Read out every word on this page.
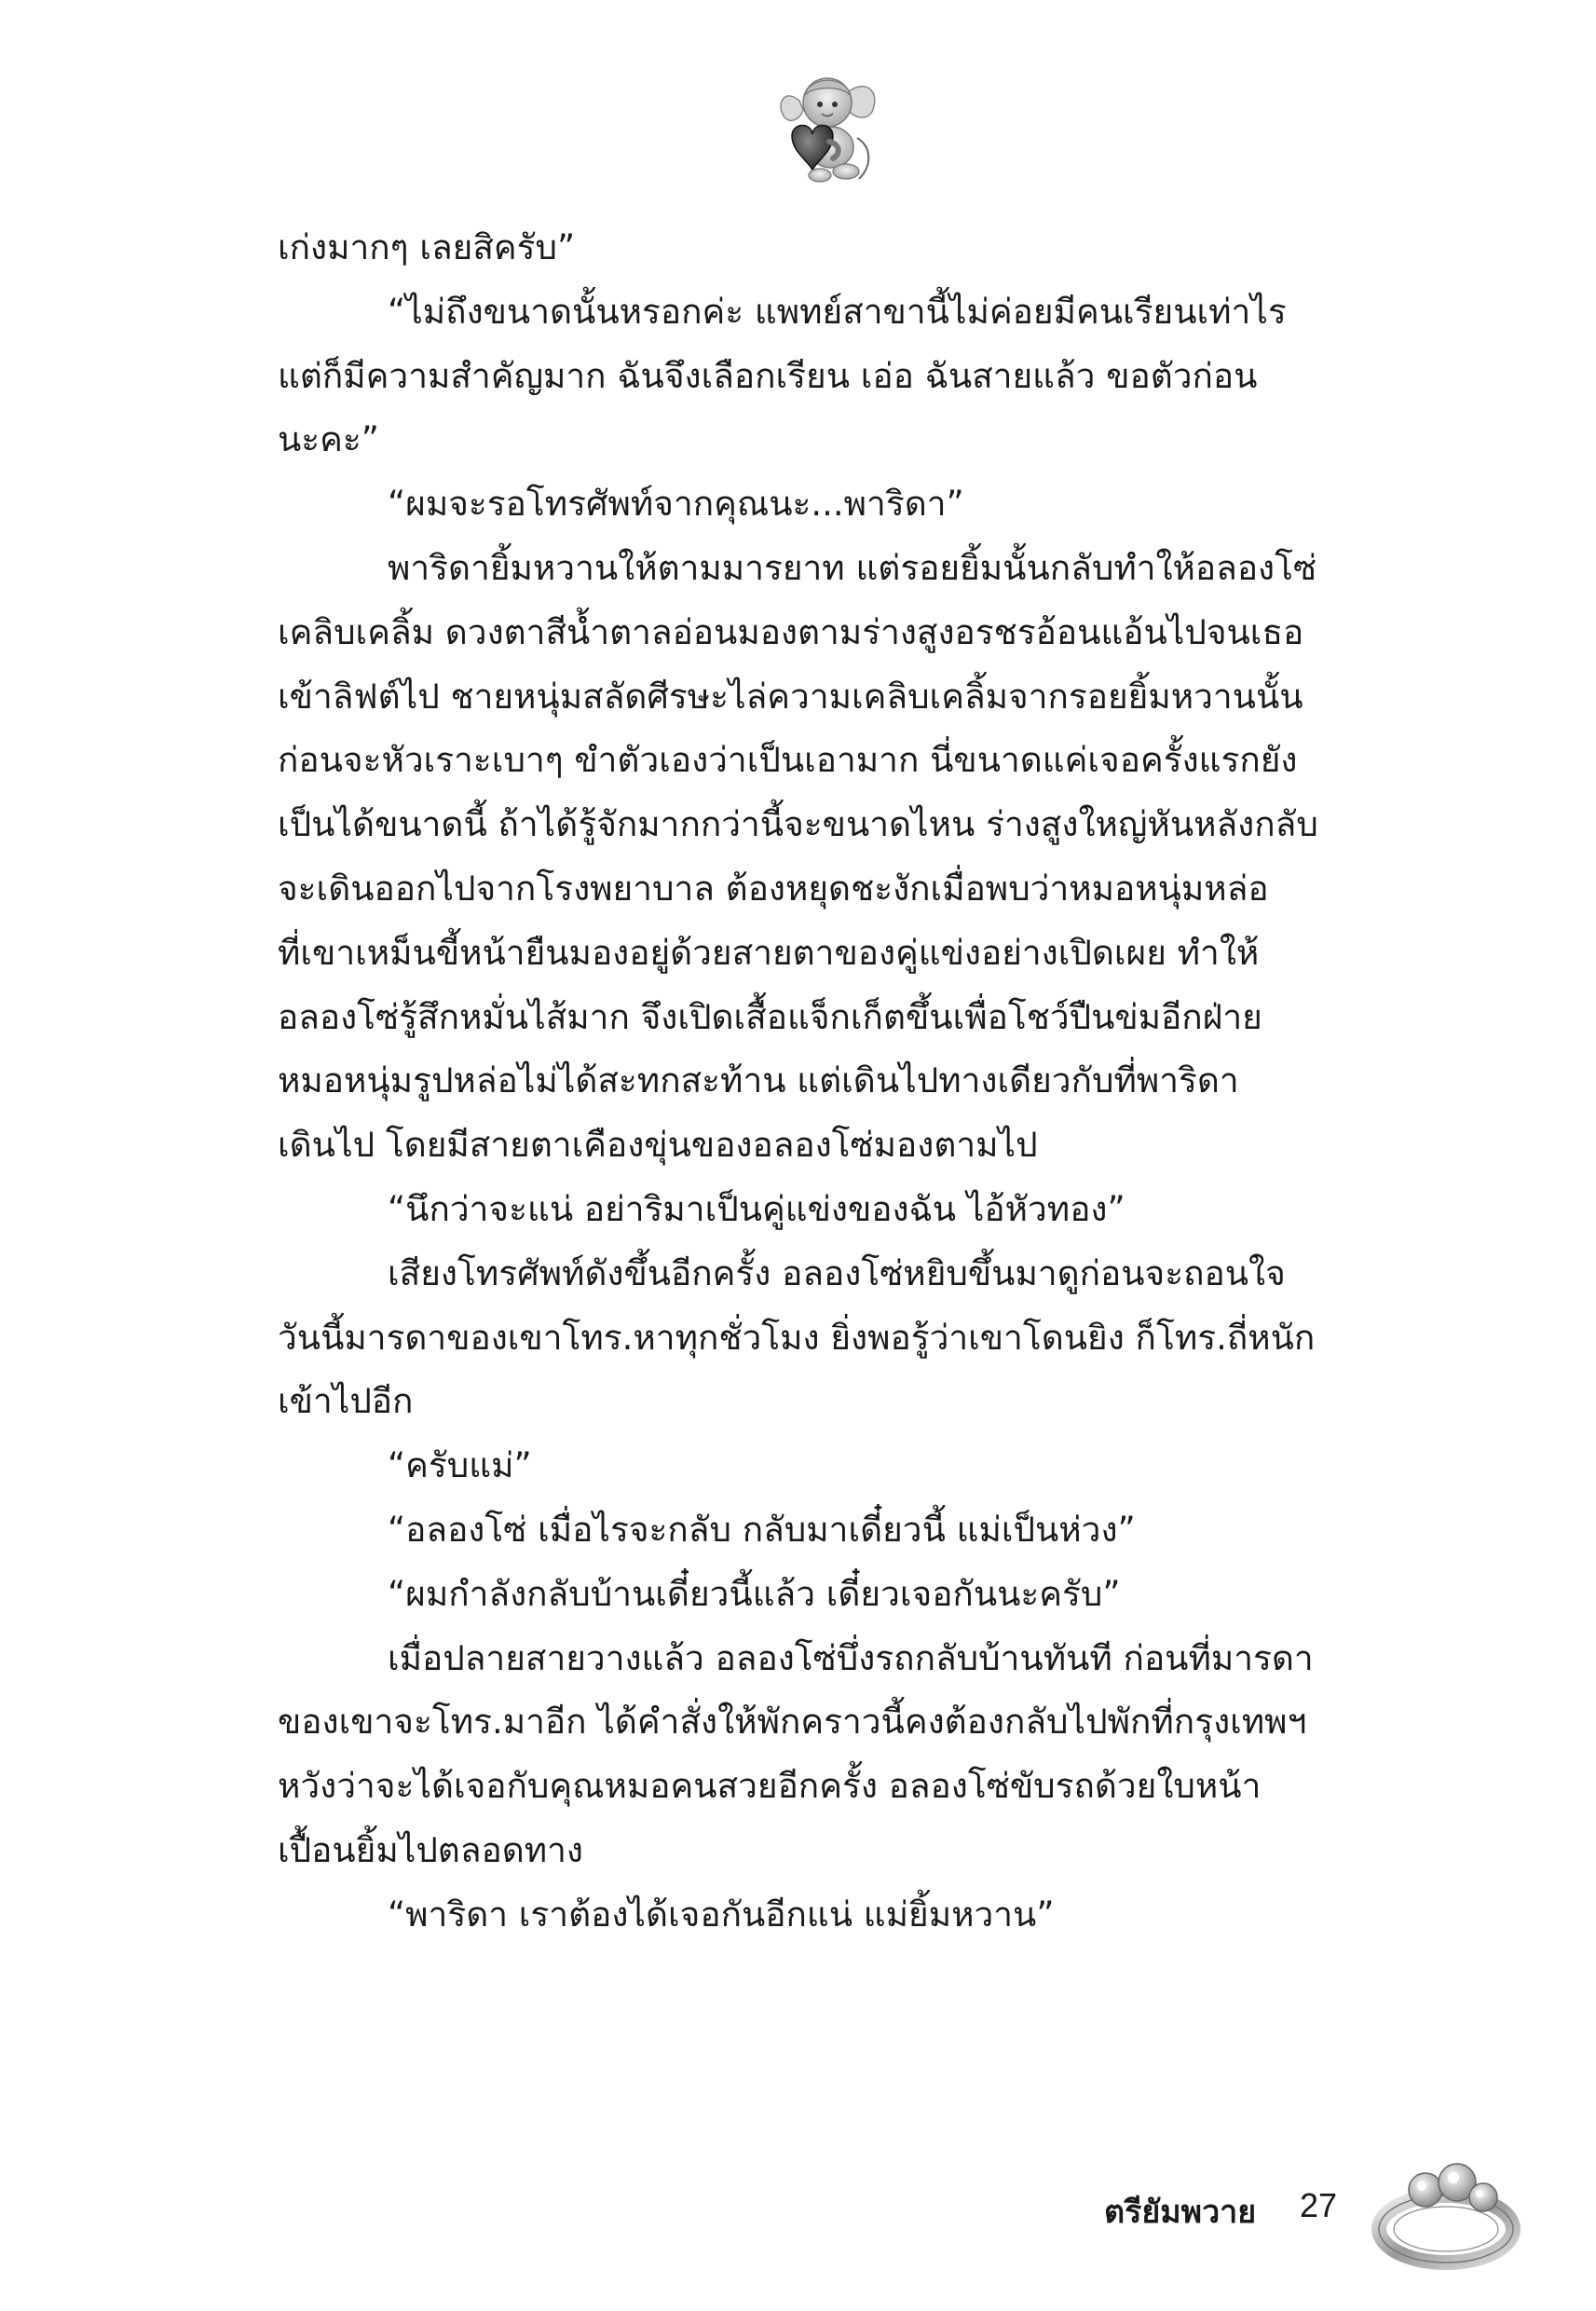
เก่งมากๆ เลยสิครับ”
“ไม่ถึงขนาดนั้นหรอกค่ะ แพทย์สาขานี้ไม่ค่อยมีคนเรียนเท่าไร
แต่ก็มีความสำคัญมาก ฉันจึงเลือกเรียน เอ่อ ฉันสายแล้ว ขอตัวก่อน
นะคะ”
“ผมจะรอโทรศัพท์จากคุณนะ...พาริดา”
พาริดายิ้มหวานให้ตามมารยาท แต่รอยยิ้มนั้นกลับทำให้อลองโซ่
เคลิบเคลิ้ม ดวงตาสีน้ำตาลอ่อนมองตามร่างสูงอรชรอ้อนแอ้นไปจนเธอ
เข้าลิฟต์ไป ชายหนุ่มสลัดศีรษะไล่ความเคลิบเคลิ้มจากรอยยิ้มหวานนั้น
ก่อนจะหัวเราะเบาๆ ขำตัวเองว่าเป็นเอามาก นี่ขนาดแค่เจอครั้งแรกยัง
เป็นได้ขนาดนี้ ถ้าได้รู้จักมากกว่านี้จะขนาดไหน ร่างสูงใหญ่หันหลังกลับ
จะเดินออกไปจากโรงพยาบาล ต้องหยุดชะงักเมื่อพบว่าหมอหนุ่มหล่อ
ที่เขาเหม็นขี้หน้ายืนมองอยู่ด้วยสายตาของคู่แข่งอย่างเปิดเผย ทำให้
อลองโซ่รู้สึกหมั่นไส้มาก จึงเปิดเสื้อแจ็กเก็ตขึ้นเพื่อโชว์ปืนข่มอีกฝ่าย
หมอหนุ่มรูปหล่อไม่ได้สะทกสะท้าน แต่เดินไปทางเดียวกับที่พาริดา
เดินไป โดยมีสายตาเคืองขุ่นของอลองโซ่มองตามไป
“นึกว่าจะแน่ อย่าริมาเป็นคู่แข่งของฉัน ไอ้หัวทอง”
เสียงโทรศัพท์ดังขึ้นอีกครั้ง อลองโซ่หยิบขึ้นมาดูก่อนจะถอนใจ
วันนี้มารดาของเขาโทร.หาทุกชั่วโมง ยิ่งพอรู้ว่าเขาโดนยิง ก็โทร.ถี่หนัก
เข้าไปอีก
“ครับแม่”
“อลองโซ่ เมื่อไรจะกลับ กลับมาเดี๋ยวนี้ แม่เป็นห่วง”
“ผมกำลังกลับบ้านเดี๋ยวนี้แล้ว เดี๋ยวเจอกันนะครับ”
เมื่อปลายสายวางแล้ว อลองโซ่บึ่งรถกลับบ้านทันที ก่อนที่มารดา
ของเขาจะโทร.มาอีก ได้คำสั่งให้พักคราวนี้คงต้องกลับไปพักที่กรุงเทพฯ
หวังว่าจะได้เจอกับคุณหมอคนสวยอีกครั้ง อลองโซ่ขับรถด้วยใบหน้า
เปื้อนยิ้มไปตลอดทาง
“พาริดา เราต้องได้เจอกันอีกแน่ แม่ยิ้มหวาน”
ตรียัมพวาย 27
